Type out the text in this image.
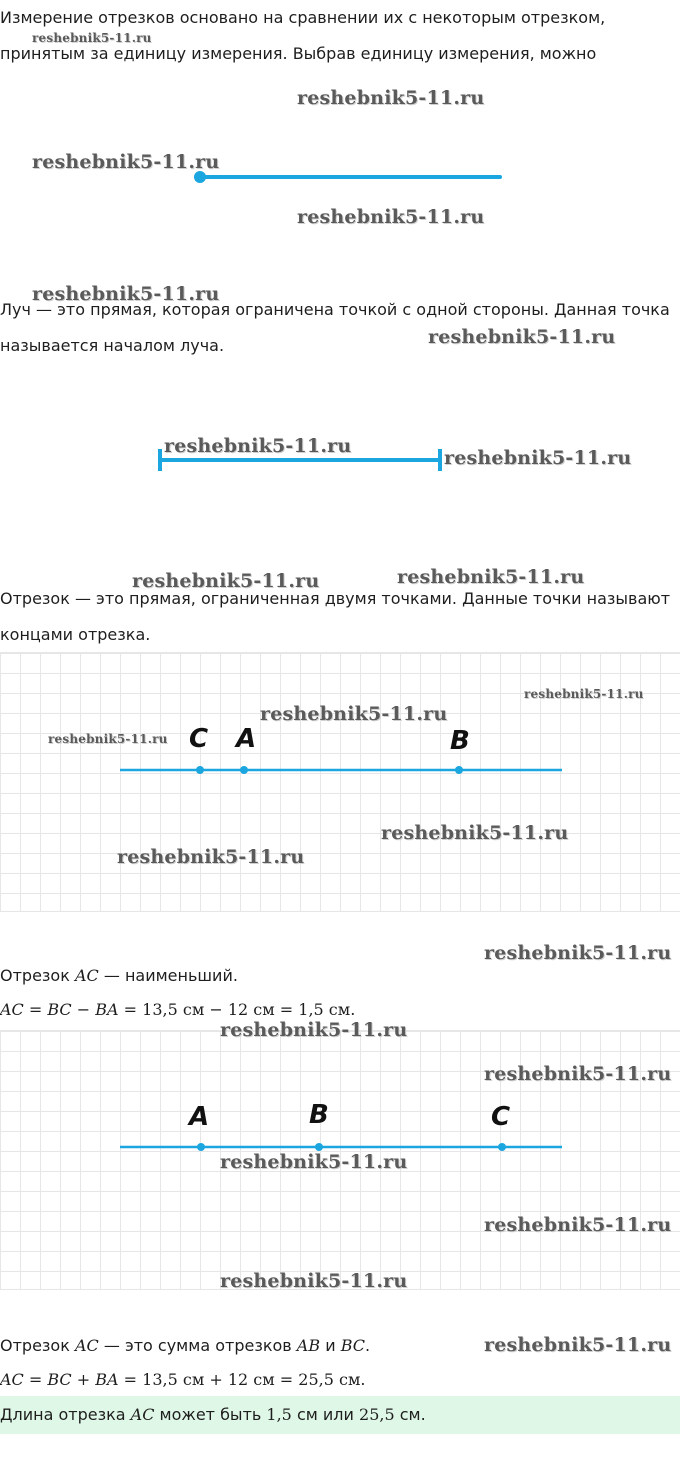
Измерение отрезков основано на сравнении их с некоторым отрезком,
принятым за единицу измерения. Выбрав единицу измерения, можно
Луч — это прямая, которая ограничена точкой с одной стороны. Данная точка
называется началом луча.
Отрезок — это прямая, ограниченная двумя точками. Данные точки называют
концами отрезка.
C A	B
Отрезок AC — наименьший.
AC = BC − BA = 13,5 см − 12 см = 1,5 см.
A	B	C
Отрезок AC — это сумма отрезков AB и BC.
AC = BC + BA = 13,5 см + 12 см = 25,5 см.
Длина отрезка AC может быть 1,5 см или 25,5 см.
reshebnik5-11.ru
reshebnik5-11.ru
reshebnik5-11.ru
reshebnik5-11.ru
reshebnik5-11.ru
reshebnik5-11.ru
reshebnik5-11.ru
reshebnik5-11.ru
reshebnik5-11.ru	reshebnik5-11.ru
reshebnik5-11.ru
reshebnik5-11.ru
reshebnik5-11.ru
reshebnik5-11.ru
reshebnik5-11.ru
reshebnik5-11.ru
reshebnik5-11.ru
reshebnik5-11.ru
reshebnik5-11.ru
reshebnik5-11.ru
reshebnik5-11.ru
reshebnik5-11.ru
